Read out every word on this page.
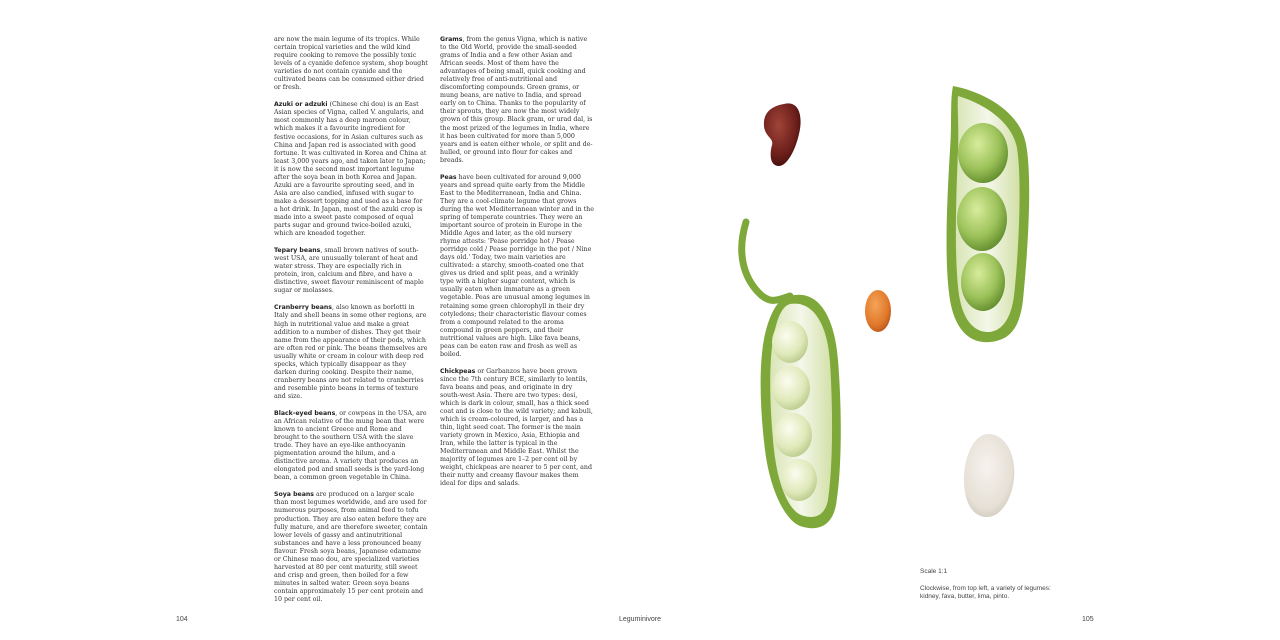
are now the main legume of its tropics. While certain tropical varieties and the wild kind require cooking to remove the possibly toxic levels of a cyanide defence system, shop bought varieties do not contain cyanide and the cultivated beans can be consumed either dried or fresh.

Azuki or adzuki (Chinese chi dou) is an East Asian species of Vigna, called V. angularis, and most commonly has a deep maroon colour, which makes it a favourite ingredient for festive occasions, for in Asian cultures such as China and Japan red is associated with good fortune. It was cultivated in Korea and China at least 3,000 years ago, and taken later to Japan; it is now the second most important legume after the soya bean in both Korea and Japan. Azuki are a favourite sprouting seed, and in Asia are also candied, infused with sugar to make a dessert topping and used as a base for a hot drink. In Japan, most of the azuki crop is made into a sweet paste composed of equal parts sugar and ground twice-boiled azuki, which are kneaded together.

Tepary beans, small brown natives of south-west USA, are unusually tolerant of heat and water stress. They are especially rich in protein, iron, calcium and fibre, and have a distinctive, sweet flavour reminiscent of maple sugar or molasses.

Cranberry beans, also known as borlotti in Italy and shell beans in some other regions, are high in nutritional value and make a great addition to a number of dishes. They get their name from the appearance of their pods, which are often red or pink. The beans themselves are usually white or cream in colour with deep red specks, which typically disappear as they darken during cooking. Despite their name, cranberry beans are not related to cranberries and resemble pinto beans in terms of texture and size.

Black-eyed beans, or cowpeas in the USA, are an African relative of the mung bean that were known to ancient Greece and Rome and brought to the southern USA with the slave trade. They have an eye-like anthocyanin pigmentation around the hilum, and a distinctive aroma. A variety that produces an elongated pod and small seeds is the yard-long bean, a common green vegetable in China.

Soya beans are produced on a larger scale than most legumes worldwide, and are used for numerous purposes, from animal feed to tofu production. They are also eaten before they are fully mature, and are therefore sweeter, contain lower levels of gassy and antinutritional substances and have a less pronounced beany flavour. Fresh soya beans, Japanese edamame or Chinese mao dou, are specialized varieties harvested at 80 per cent maturity, still sweet and crisp and green, then boiled for a few minutes in salted water. Green soya beans contain approximately 15 per cent protein and 10 per cent oil.

Grams, from the genus Vigna, which is native to the Old World, provide the small-seeded grams of India and a few other Asian and African seeds. Most of them have the advantages of being small, quick cooking and relatively free of anti-nutritional and discomforting compounds. Green grams, or mung beans, are native to India, and spread early on to China. Thanks to the popularity of their sprouts, they are now the most widely grown of this group. Black gram, or urad dal, is the most prized of the legumes in India, where it has been cultivated for more than 5,000 years and is eaten either whole, or split and de-hulled, or ground into flour for cakes and breads.

Peas have been cultivated for around 9,000 years and spread quite early from the Middle East to the Mediterranean, India and China. They are a cool-climate legume that grows during the wet Mediterranean winter and in the spring of temperate countries. They were an important source of protein in Europe in the Middle Ages and later, as the old nursery rhyme attests: 'Pease porridge hot / Pease porridge cold / Pease porridge in the pot / Nine days old.' Today, two main varieties are cultivated: a starchy, smooth-coated one that gives us dried and split peas, and a wrinkly type with a higher sugar content, which is usually eaten when immature as a green vegetable. Peas are unusual among legumes in retaining some green chlorophyll in their dry cotyledons; their characteristic flavour comes from a compound related to the aroma compound in green peppers, and their nutritional values are high. Like fava beans, peas can be eaten raw and fresh as well as boiled.

Chickpeas or Garbanzos have been grown since the 7th century BCE, similarly to lentils, fava beans and peas, and originate in dry south-west Asia. There are two types: desi, which is dark in colour, small, has a thick seed coat and is close to the wild variety; and kabuli, which is cream-coloured, is larger, and has a thin, light seed coat. The former is the main variety grown in Mexico, Asia, Ethiopia and Iran, while the latter is typical in the Mediterranean and Middle East. Whilst the majority of legumes are 1–2 per cent oil by weight, chickpeas are nearer to 5 per cent, and their nutty and creamy flavour makes them ideal for dips and salads.

Scale 1:1
Clockwise, from top left, a variety of legumes: kidney, fava, butter, lima, pinto.
104	Leguminivore	105
